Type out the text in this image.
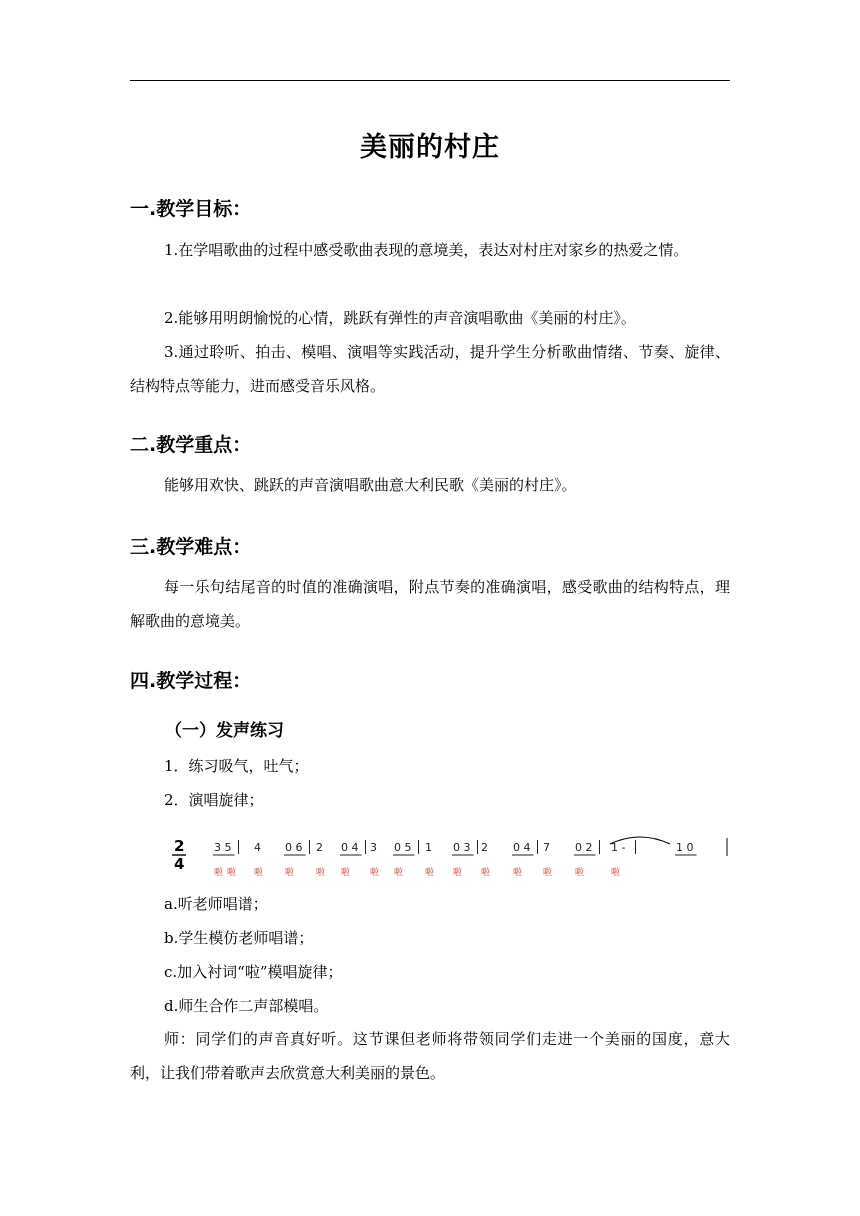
美丽的村庄
一.教学目标：
1.在学唱歌曲的过程中感受歌曲表现的意境美，表达对村庄对家乡的热爱之情。
2.能够用明朗愉悦的心情，跳跃有弹性的声音演唱歌曲《美丽的村庄》。
3.通过聆听、拍击、模唱、演唱等实践活动，提升学生分析歌曲情绪、节奏、旋律、结构特点等能力，进而感受音乐风格。
二.教学重点：
能够用欢快、跳跃的声音演唱歌曲意大利民歌《美丽的村庄》。
三.教学难点：
每一乐句结尾音的时值的准确演唱，附点节奏的准确演唱，感受歌曲的结构特点，理解歌曲的意境美。
四.教学过程：
（一）发声练习
1．练习吸气，吐气；
2．演唱旋律；
2
4
3 5
啦 啦
4
啦
0 6
啦
2
啦
0 4
啦
3
啦
0 5
啦
1
啦
0 3
啦
2
啦
0 4
啦
7
啦
0 2
啦
1 -
啦
1 0
a.听老师唱谱；
b.学生模仿老师唱谱；
c.加入衬词“啦”模唱旋律；
d.师生合作二声部模唱。
师：同学们的声音真好听。这节课但老师将带领同学们走进一个美丽的国度，意大利，让我们带着歌声去欣赏意大利美丽的景色。
